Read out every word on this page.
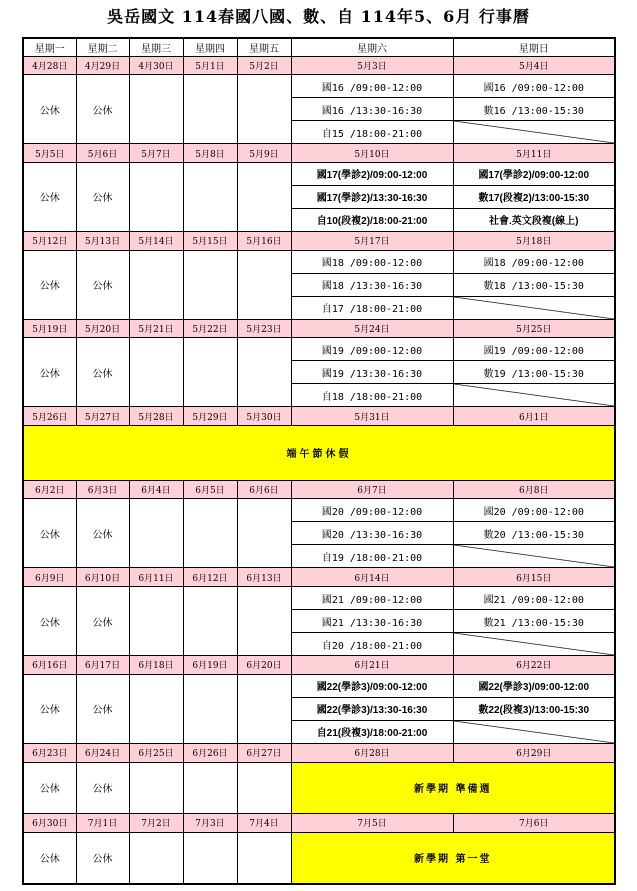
吳岳國文 114春國八國、數、自 114年5、6月 行事曆
星期一	星期二	星期三	星期四	星期五	星期六	星期日
4月28日	4月29日	4月30日	5月1日	5月2日	5月3日	5月4日
公休	公休				國16 /09:00-12:00	國16 /09:00-12:00
					國16 /13:30-16:30	數16 /13:00-15:30
					自15 /18:00-21:00	
5月5日	5月6日	5月7日	5月8日	5月9日	5月10日	5月11日
公休	公休				國17(學診2)/09:00-12:00	國17(學診2)/09:00-12:00
					國17(學診2)/13:30-16:30	數17(段複2)/13:00-15:30
					自10(段複2)/18:00-21:00	社會.英文段複(線上)
5月12日	5月13日	5月14日	5月15日	5月16日	5月17日	5月18日
公休	公休				國18 /09:00-12:00	國18 /09:00-12:00
					國18 /13:30-16:30	數18 /13:00-15:30
					自17 /18:00-21:00	
5月19日	5月20日	5月21日	5月22日	5月23日	5月24日	5月25日
公休	公休				國19 /09:00-12:00	國19 /09:00-12:00
					國19 /13:30-16:30	數19 /13:00-15:30
					自18 /18:00-21:00	
5月26日	5月27日	5月28日	5月29日	5月30日	5月31日	6月1日
端午節休假						
6月2日	6月3日	6月4日	6月5日	6月6日	6月7日	6月8日
公休	公休				國20 /09:00-12:00	國20 /09:00-12:00
					國20 /13:30-16:30	數20 /13:00-15:30
					自19 /18:00-21:00	
6月9日	6月10日	6月11日	6月12日	6月13日	6月14日	6月15日
公休	公休				國21 /09:00-12:00	國21 /09:00-12:00
					國21 /13:30-16:30	數21 /13:00-15:30
					自20 /18:00-21:00	
6月16日	6月17日	6月18日	6月19日	6月20日	6月21日	6月22日
公休	公休				國22(學診3)/09:00-12:00	國22(學診3)/09:00-12:00
					國22(學診3)/13:30-16:30	數22(段複3)/13:00-15:30
					自21(段複3)/18:00-21:00	
6月23日	6月24日	6月25日	6月26日	6月27日	6月28日	6月29日
公休	公休				新學期 準備週	
6月30日	7月1日	7月2日	7月3日	7月4日	7月5日	7月6日
公休	公休				新學期 第一堂	
